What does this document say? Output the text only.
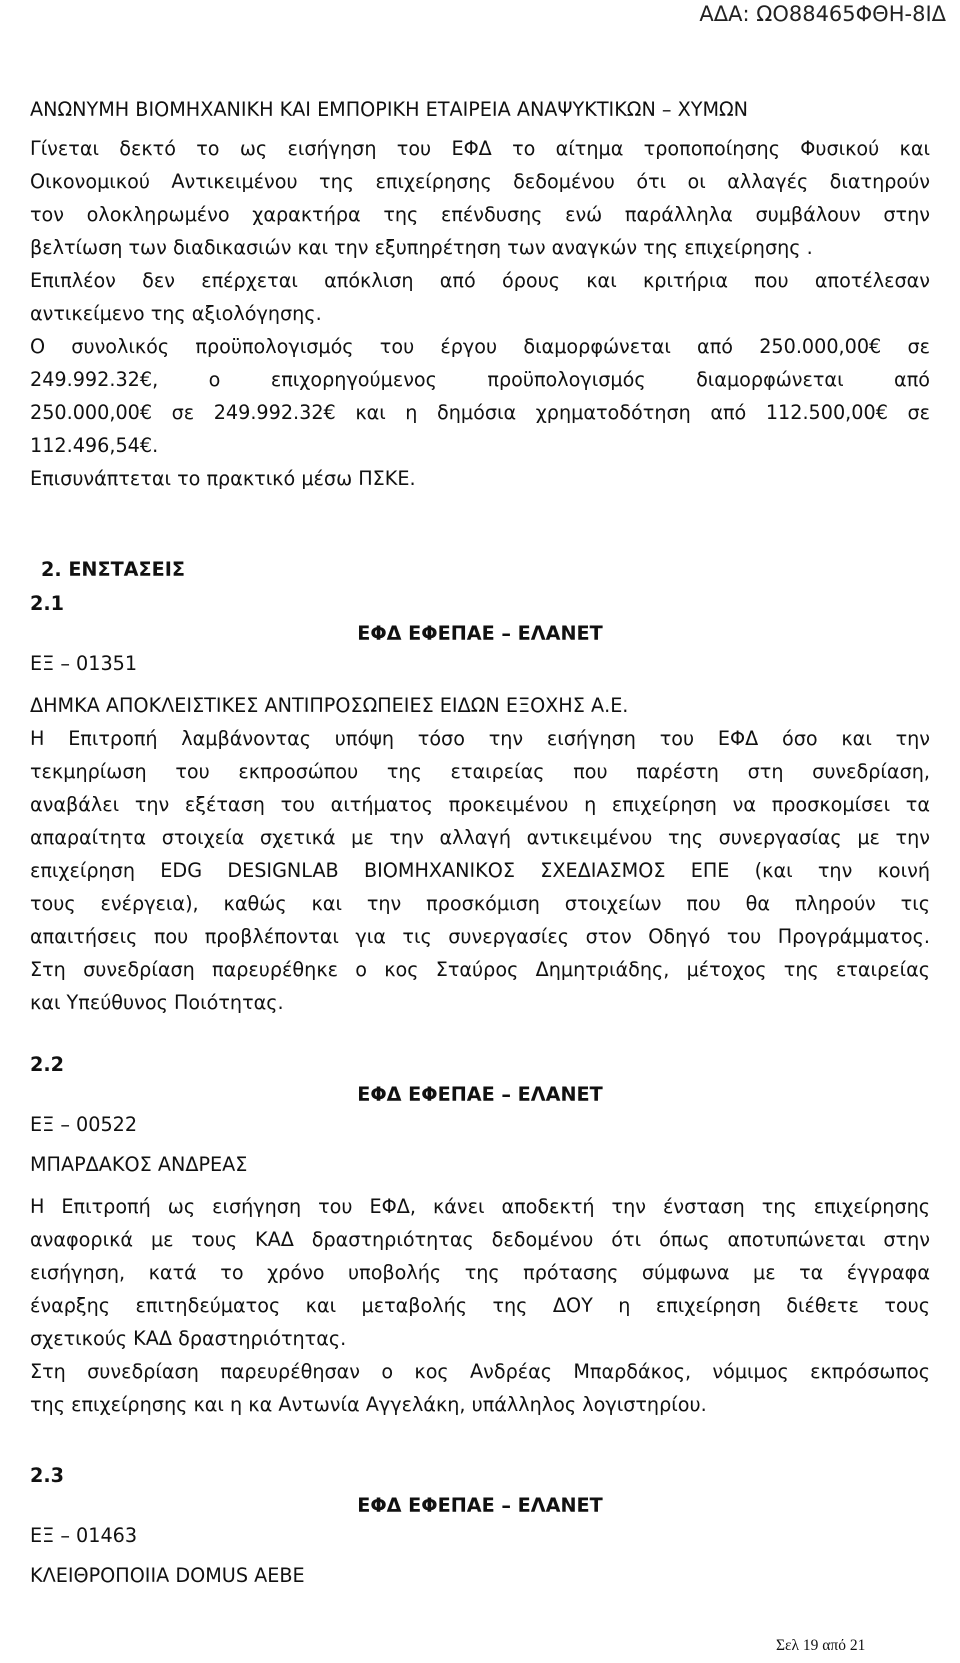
ΑΔΑ: ΩΟ88465ΦΘΗ-8ΙΔ
ΑΝΩΝΥΜΗ ΒΙΟΜΗΧΑΝΙΚΗ ΚΑΙ ΕΜΠΟΡΙΚΗ ΕΤΑΙΡΕΙΑ ΑΝΑΨΥΚΤΙΚΩΝ – ΧΥΜΩΝ
Γίνεται δεκτό το ως εισήγηση του ΕΦΔ το αίτημα τροποποίησης Φυσικού και
Οικονομικού Αντικειμένου της επιχείρησης δεδομένου ότι οι αλλαγές διατηρούν
τον ολοκληρωμένο χαρακτήρα της επένδυσης ενώ παράλληλα συμβάλουν στην
βελτίωση των διαδικασιών και την εξυπηρέτηση των αναγκών της επιχείρησης .
Επιπλέον δεν επέρχεται απόκλιση από όρους και κριτήρια που αποτέλεσαν
αντικείμενο της αξιολόγησης.
Ο συνολικός προϋπολογισμός του έργου διαμορφώνεται από 250.000,00€ σε
249.992.32€, ο επιχορηγούμενος προϋπολογισμός διαμορφώνεται από
250.000,00€ σε 249.992.32€ και η δημόσια χρηματοδότηση από 112.500,00€ σε
112.496,54€.
Επισυνάπτεται το πρακτικό μέσω ΠΣΚΕ.
2. ΕΝΣΤΑΣΕΙΣ
2.1
ΕΦΔ ΕΦΕΠΑΕ – ΕΛΑΝΕΤ
ΕΞ – 01351
ΔΗΜΚΑ ΑΠΟΚΛΕΙΣΤΙΚΕΣ ΑΝΤΙΠΡΟΣΩΠΕΙΕΣ ΕΙΔΩΝ ΕΞΟΧΗΣ Α.Ε.
Η Επιτροπή λαμβάνοντας υπόψη τόσο την εισήγηση του ΕΦΔ όσο και την
τεκμηρίωση του εκπροσώπου της εταιρείας που παρέστη στη συνεδρίαση,
αναβάλει την εξέταση του αιτήματος προκειμένου η επιχείρηση να προσκομίσει τα
απαραίτητα στοιχεία σχετικά με την αλλαγή αντικειμένου της συνεργασίας με την
επιχείρηση EDG DESIGNLAB ΒΙΟΜΗΧΑΝΙΚΟΣ ΣΧΕΔΙΑΣΜΟΣ ΕΠΕ (και την κοινή
τους ενέργεια), καθώς και την προσκόμιση στοιχείων που θα πληρούν τις
απαιτήσεις που προβλέπονται για τις συνεργασίες στον Οδηγό του Προγράμματος.
Στη συνεδρίαση παρευρέθηκε ο κος Σταύρος Δημητριάδης, μέτοχος της εταιρείας
και Υπεύθυνος Ποιότητας.
2.2
ΕΦΔ ΕΦΕΠΑΕ – ΕΛΑΝΕΤ
ΕΞ – 00522
ΜΠΑΡΔΑΚΟΣ ΑΝΔΡΕΑΣ
Η Επιτροπή ως εισήγηση του ΕΦΔ, κάνει αποδεκτή την ένσταση της επιχείρησης
αναφορικά με τους ΚΑΔ δραστηριότητας δεδομένου ότι όπως αποτυπώνεται στην
εισήγηση, κατά το χρόνο υποβολής της πρότασης σύμφωνα με τα έγγραφα
έναρξης επιτηδεύματος και μεταβολής της ΔΟΥ η επιχείρηση διέθετε τους
σχετικούς ΚΑΔ δραστηριότητας.
Στη συνεδρίαση παρευρέθησαν ο κος Ανδρέας Μπαρδάκος, νόμιμος εκπρόσωπος
της επιχείρησης και η κα Αντωνία Αγγελάκη, υπάλληλος λογιστηρίου.
2.3
ΕΦΔ ΕΦΕΠΑΕ – ΕΛΑΝΕΤ
ΕΞ – 01463
ΚΛΕΙΘΡΟΠΟΙΙΑ DOMUS ΑΕΒΕ
Σελ 19 από 21
